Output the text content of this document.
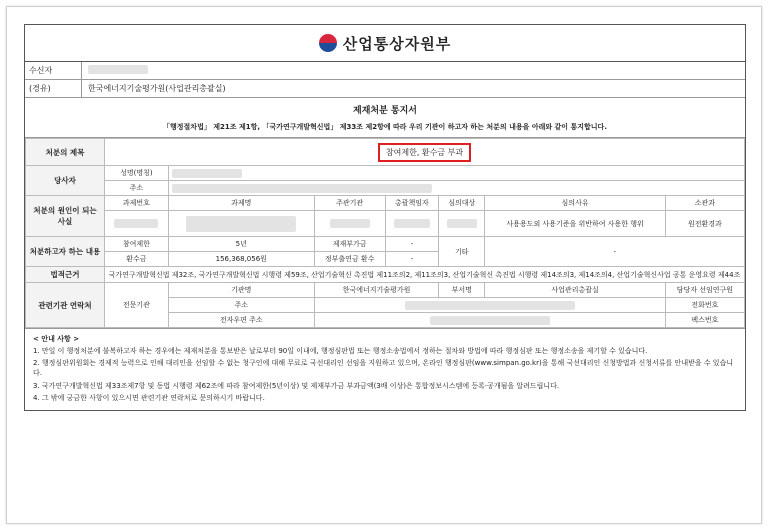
산업통상자원부
수신자
(경유)	한국에너지기술평가원(사업관리총괄실)
제재처분 통지서
「행정절차법」 제21조 제1항, 「국가연구개발혁신법」 제33조 제2항에 따라 우리 기관이 하고자 하는 처분의 내용을 아래와 같이 통지합니다.
처분의 제목	참여제한, 환수금 부과						
당사자	성명(명칭)						
	주소						
처분의 원인이 되는 사실	과제번호	과제명	주관기관	총괄책임자	심의대상	심의사유	소관과
						사용용도외 사용기준을 위반하여 사용한 행위	원전환경과
처분하고자 하는 내용	참여제한	5년	제재부가금	-	기타	-	
	환수금	156,368,056원	정부출연금 환수	-			
법적근거	국가연구개발혁신법 제32조, 국가연구개발혁신법 시행령 제59조, 산업기술혁신 촉진법 제11조의2, 제11조의3, 산업기술혁신 촉진법 시행령 제14조의3, 제14조의4, 산업기술혁신사업 공통 운영요령 제44조						
관련기관 연락처	전문기관	기관명	한국에너지기술평가원		부서명	사업관리총괄실	담당자 선임연구원
		주소					전화번호
		전자우편 주소					팩스번호
< 안내 사항 >
1. 만일 이 행정처분에 불복하고자 하는 경우에는 제재처분을 통보받은 날로부터 90일 이내에, 행정심판법 또는 행정소송법에서 정하는 절차와 방법에 따라 행정심판 또는 행정소송을 제기할 수 있습니다.
2. 행정심판위원회는 경제적 능력으로 인해 대리인을 선임할 수 없는 청구인에 대해 무료로 국선대리인 선임을 지원하고 있으며, 온라인 행정심판(www.simpan.go.kr)을 통해 국선대리인 신청방법과 신청서류를 안내받을 수 있습니다.
3. 국가연구개발혁신법 제33조제7항 및 동법 시행령 제62조에 따라 참여제한(5년이상) 및 제재부가금 부과금액(3배 이상)은 통합정보시스템에 등록·공개됨을 알려드립니다.
4. 그 밖에 궁금한 사항이 있으시면 관련기관 연락처로 문의하시기 바랍니다.
